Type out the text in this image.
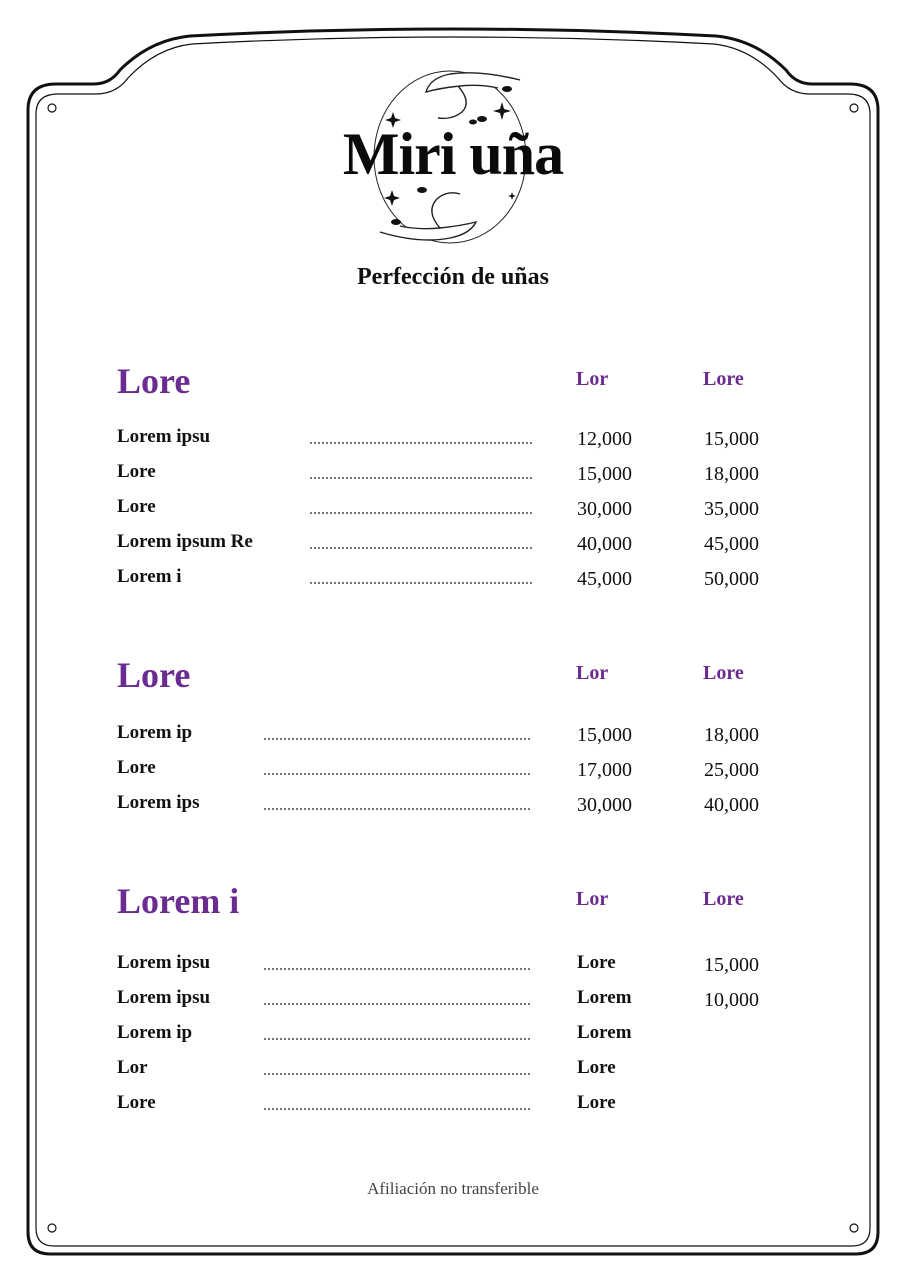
Miri uña
Perfección de uñas
Lore	Lor	Lore
Lorem ipsu	12,000	15,000
Lore	15,000	18,000
Lore	30,000	35,000
Lorem ipsum Re	40,000	45,000
Lorem i	45,000	50,000
Lore	Lor	Lore
Lorem ip	15,000	18,000
Lore	17,000	25,000
Lorem ips	30,000	40,000
Lorem i	Lor	Lore
Lorem ipsu	Lore	15,000
Lorem ipsu	Lorem	10,000
Lorem ip	Lorem
Lor	Lore
Lore	Lore
Afiliación no transferible
